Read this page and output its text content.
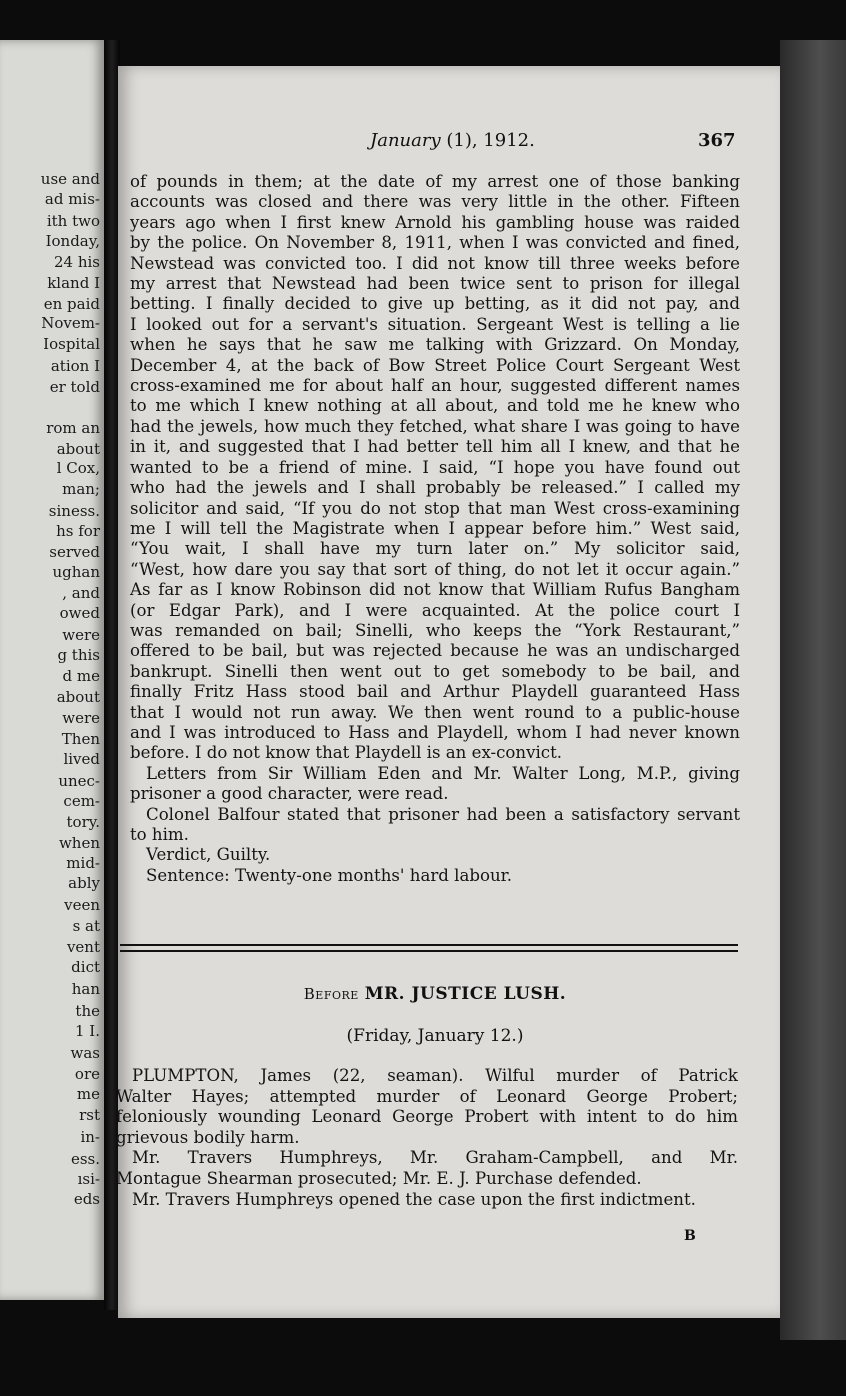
use and
ad mis-
ith two
Ionday,
24 his
kland I
en paid
Novem-
Iospital
ation I
er told
rom an
about
l Cox,
man;
siness.
hs for
served
ughan
, and
owed
were
g this
d me
about
were
Then
lived
unec-
cem-
tory.
when
mid-
ably
veen
s at
vent
dict
han
the
1 I.
was
ore
me
rst
in-
ess.
ısi-
eds
January (1), 1912.	367
of pounds in them; at the date of my arrest one of those banking
accounts was closed and there was very little in the other. Fifteen
years ago when I first knew Arnold his gambling house was raided
by the police. On November 8, 1911, when I was convicted and fined,
Newstead was convicted too. I did not know till three weeks before
my arrest that Newstead had been twice sent to prison for illegal
betting. I finally decided to give up betting, as it did not pay, and
I looked out for a servant's situation. Sergeant West is telling a lie
when he says that he saw me talking with Grizzard. On Monday,
December 4, at the back of Bow Street Police Court Sergeant West
cross-examined me for about half an hour, suggested different names
to me which I knew nothing at all about, and told me he knew who
had the jewels, how much they fetched, what share I was going to have
in it, and suggested that I had better tell him all I knew, and that he
wanted to be a friend of mine. I said, “I hope you have found out
who had the jewels and I shall probably be released.” I called my
solicitor and said, “If you do not stop that man West cross-examining
me I will tell the Magistrate when I appear before him.” West said,
“You wait, I shall have my turn later on.” My solicitor said,
“West, how dare you say that sort of thing, do not let it occur again.”
As far as I know Robinson did not know that William Rufus Bangham
(or Edgar Park), and I were acquainted. At the police court I
was remanded on bail; Sinelli, who keeps the “York Restaurant,”
offered to be bail, but was rejected because he was an undischarged
bankrupt. Sinelli then went out to get somebody to be bail, and
finally Fritz Hass stood bail and Arthur Playdell guaranteed Hass
that I would not run away. We then went round to a public-house
and I was introduced to Hass and Playdell, whom I had never known
before. I do not know that Playdell is an ex-convict.
Letters from Sir William Eden and Mr. Walter Long, M.P., giving
prisoner a good character, were read.
Colonel Balfour stated that prisoner had been a satisfactory servant
to him.
Verdict, Guilty.
Sentence: Twenty-one months' hard labour.
Before MR. JUSTICE LUSH.
(Friday, January 12.)
PLUMPTON, James (22, seaman). Wilful murder of Patrick
Walter Hayes; attempted murder of Leonard George Probert;
feloniously wounding Leonard George Probert with intent to do him
grievous bodily harm.
Mr. Travers Humphreys, Mr. Graham-Campbell, and Mr.
Montague Shearman prosecuted; Mr. E. J. Purchase defended.
Mr. Travers Humphreys opened the case upon the first indictment.
B
